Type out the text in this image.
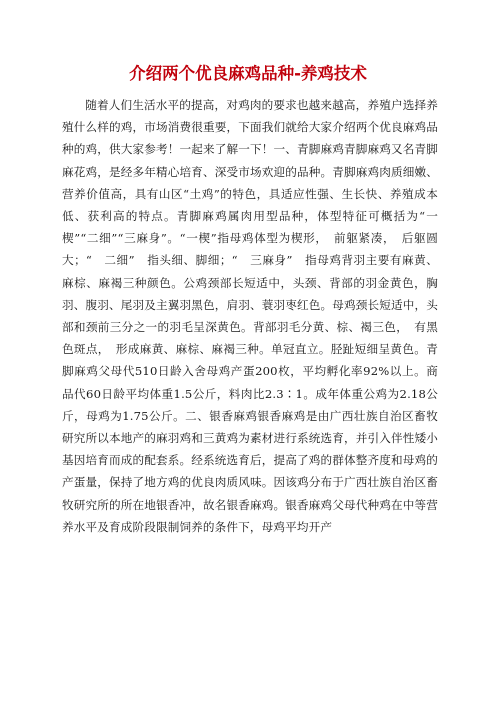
介绍两个优良麻鸡品种-养鸡技术

随着人们生活水平的提高，对鸡肉的要求也越来越高，养殖户选择养殖什么样的鸡，市场消费很重要，下面我们就给大家介绍两个优良麻鸡品种的鸡，供大家参考！一起来了解一下！一、青脚麻鸡青脚麻鸡又名青脚麻花鸡，是经多年精心培育、深受市场欢迎的品种。青脚麻鸡肉质细嫩、营养价值高，具有山区“土鸡”的特色，具适应性强、生长快、养殖成本低、获利高的特点。青脚麻鸡属肉用型品种，体型特征可概括为“一楔”“二细”“三麻身”。“一楔”指母鸡体型为楔形，　前躯紧凑，　后躯圆大；“　二细”　指头细、脚细；“　三麻身”　指母鸡背羽主要有麻黄、麻棕、麻褐三种颜色。公鸡颈部长短适中，头颈、背部的羽金黄色，胸羽、腹羽、尾羽及主翼羽黑色，肩羽、蓑羽枣红色。母鸡颈长短适中，头部和颈前三分之一的羽毛呈深黄色。背部羽毛分黄、棕、褐三色，　有黑色斑点，　形成麻黄、麻棕、麻褐三种。单冠直立。胫趾短细呈黄色。青脚麻鸡父母代510日龄入舍母鸡产蛋200枚，平均孵化率92%以上。商品代60日龄平均体重1.5公斤，料肉比2.3∶1。成年体重公鸡为2.18公斤，母鸡为1.75公斤。二、银香麻鸡银香麻鸡是由广西壮族自治区畜牧研究所以本地产的麻羽鸡和三黄鸡为素材进行系统选育，并引入伴性矮小基因培育而成的配套系。经系统选育后，提高了鸡的群体整齐度和母鸡的产蛋量，保持了地方鸡的优良肉质风味。因该鸡分布于广西壮族自治区畜牧研究所的所在地银香冲，故名银香麻鸡。银香麻鸡父母代种鸡在中等营养水平及育成阶段限制饲养的条件下，母鸡平均开产
